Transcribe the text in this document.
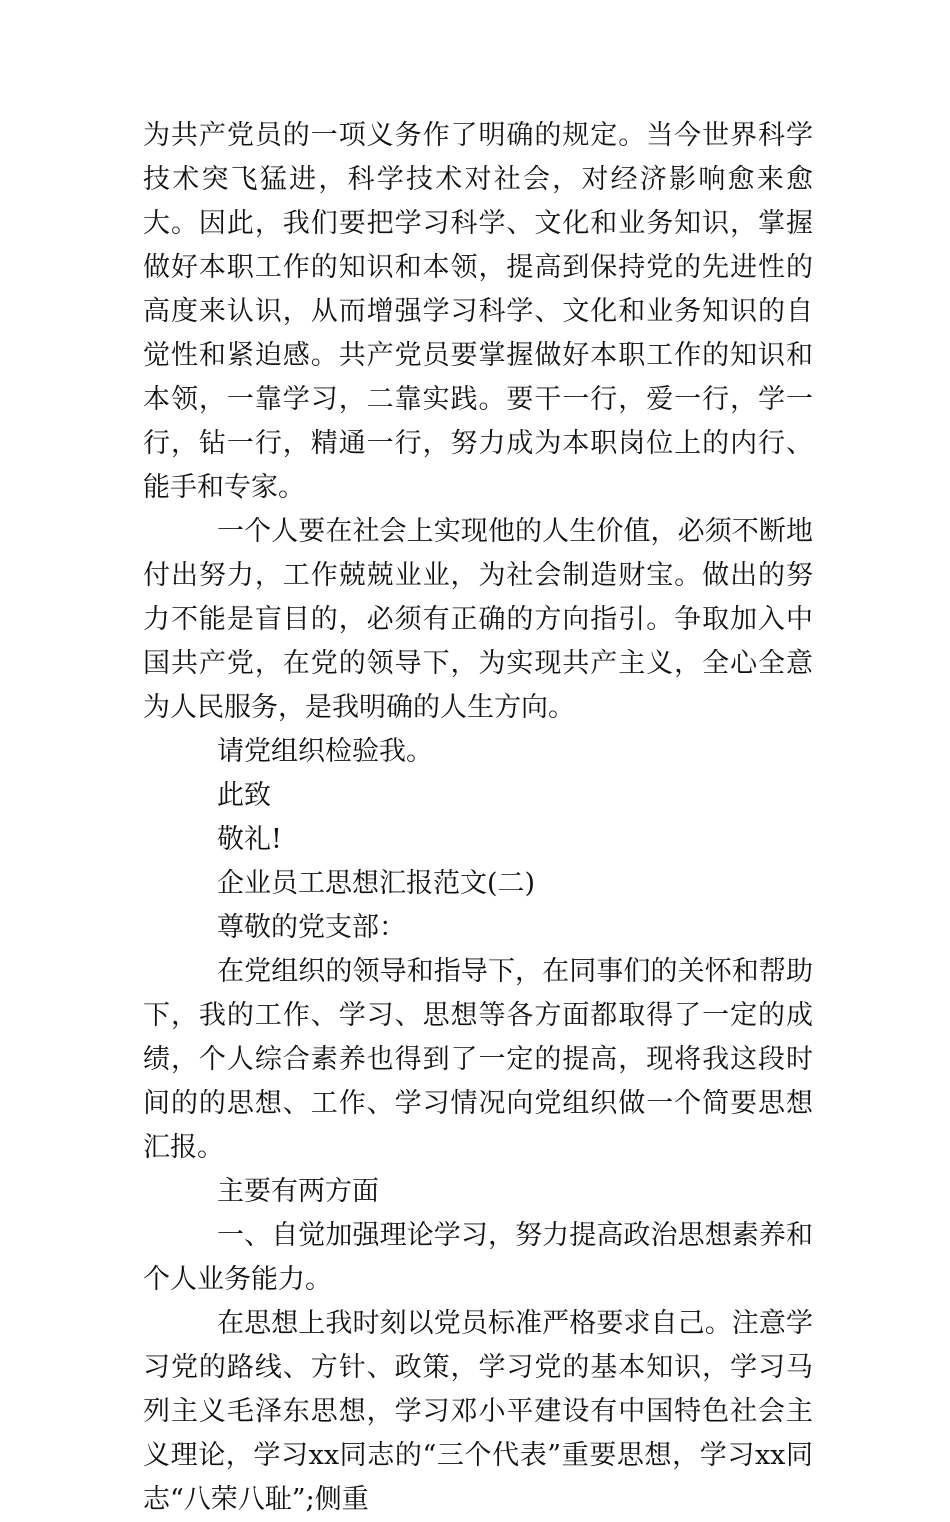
为共产党员的一项义务作了明确的规定。当今世界科学技术突飞猛进，科学技术对社会，对经济影响愈来愈大。因此，我们要把学习科学、文化和业务知识，掌握做好本职工作的知识和本领，提高到保持党的先进性的高度来认识，从而增强学习科学、文化和业务知识的自觉性和紧迫感。共产党员要掌握做好本职工作的知识和本领，一靠学习，二靠实践。要干一行，爱一行，学一行，钻一行，精通一行，努力成为本职岗位上的内行、能手和专家。

一个人要在社会上实现他的人生价值，必须不断地付出努力，工作兢兢业业，为社会制造财宝。做出的努力不能是盲目的，必须有正确的方向指引。争取加入中国共产党，在党的领导下，为实现共产主义，全心全意为人民服务，是我明确的人生方向。

请党组织检验我。

此致

敬礼!

企业员工思想汇报范文(二)

尊敬的党支部：

在党组织的领导和指导下，在同事们的关怀和帮助下，我的工作、学习、思想等各方面都取得了一定的成绩，个人综合素养也得到了一定的提高，现将我这段时间的的思想、工作、学习情况向党组织做一个简要思想汇报。

主要有两方面

一、自觉加强理论学习，努力提高政治思想素养和个人业务能力。

在思想上我时刻以党员标准严格要求自己。注意学习党的路线、方针、政策，学习党的基本知识，学习马列主义毛泽东思想，学习邓小平建设有中国特色社会主义理论，学习xx同志的“三个代表”重要思想，学习xx同志“八荣八耻”;侧重
